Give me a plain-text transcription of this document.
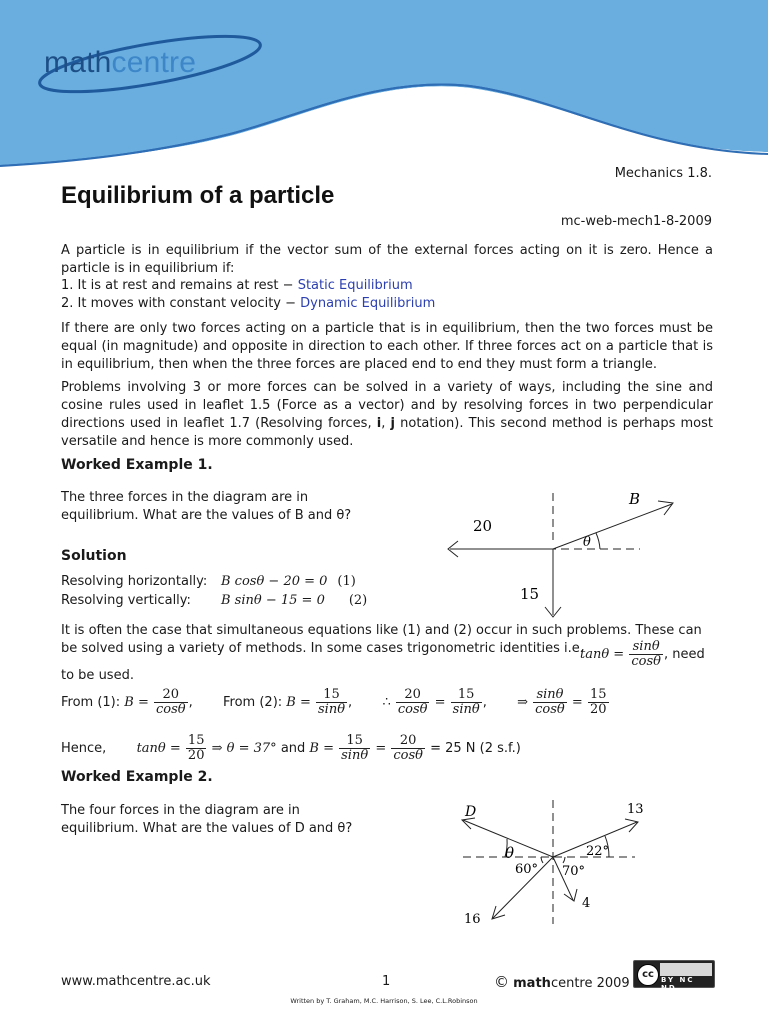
mathcentre
Mechanics 1.8.
Equilibrium of a particle
mc-web-mech1-8-2009
A particle is in equilibrium if the vector sum of the external forces acting on it is zero. Hence a particle is in equilibrium if:
1. It is at rest and remains at rest − Static Equilibrium
2. It moves with constant velocity − Dynamic Equilibrium
If there are only two forces acting on a particle that is in equilibrium, then the two forces must be equal (in magnitude) and opposite in direction to each other. If three forces act on a particle that is in equilibrium, then when the three forces are placed end to end they must form a triangle.
Problems involving 3 or more forces can be solved in a variety of ways, including the sine and cosine rules used in leaflet 1.5 (Force as a vector) and by resolving forces in two perpendicular directions used in leaflet 1.7 (Resolving forces, i, j notation). This second method is perhaps most versatile and hence is more commonly used.
Worked Example 1.
The three forces in the diagram are in equilibrium. What are the values of B and θ?
Solution
Resolving horizontally: B cosθ − 20 = 0 (1)
Resolving vertically: B sinθ − 15 = 0 (2)
B
20
15
θ
It is often the case that simultaneous equations like (1) and (2) occur in such problems. These can be solved using a variety of methods. In some cases trigonometric identities i.e.
$\tan\theta = \frac{\sin\theta}{\cos\theta}$ , need
to be used.
From (1): $B = \frac{20}{\cos\theta}$ ,  From (2): $B = \frac{15}{\sin\theta}$ ,  ∴ $\frac{20}{\cos\theta} = \frac{15}{\sin\theta}$ ,  ⇒ $\frac{\sin\theta}{\cos\theta} = \frac{15}{20}$
Hence, $\tan\theta = \frac{15}{20}$ ⇒ θ = 37° and $B = \frac{15}{\sin\theta} = \frac{20}{\cos\theta} = 25$ N (2 s.f.)
Worked Example 2.
The four forces in the diagram are in equilibrium. What are the values of D and θ?
D	13
16
4
θ
60° 70°
22°
www.mathcentre.ac.uk	1	© mathcentre 2009
cc	BY NC ND
Written by T. Graham, M.C. Harrison, S. Lee, C.L.Robinson
